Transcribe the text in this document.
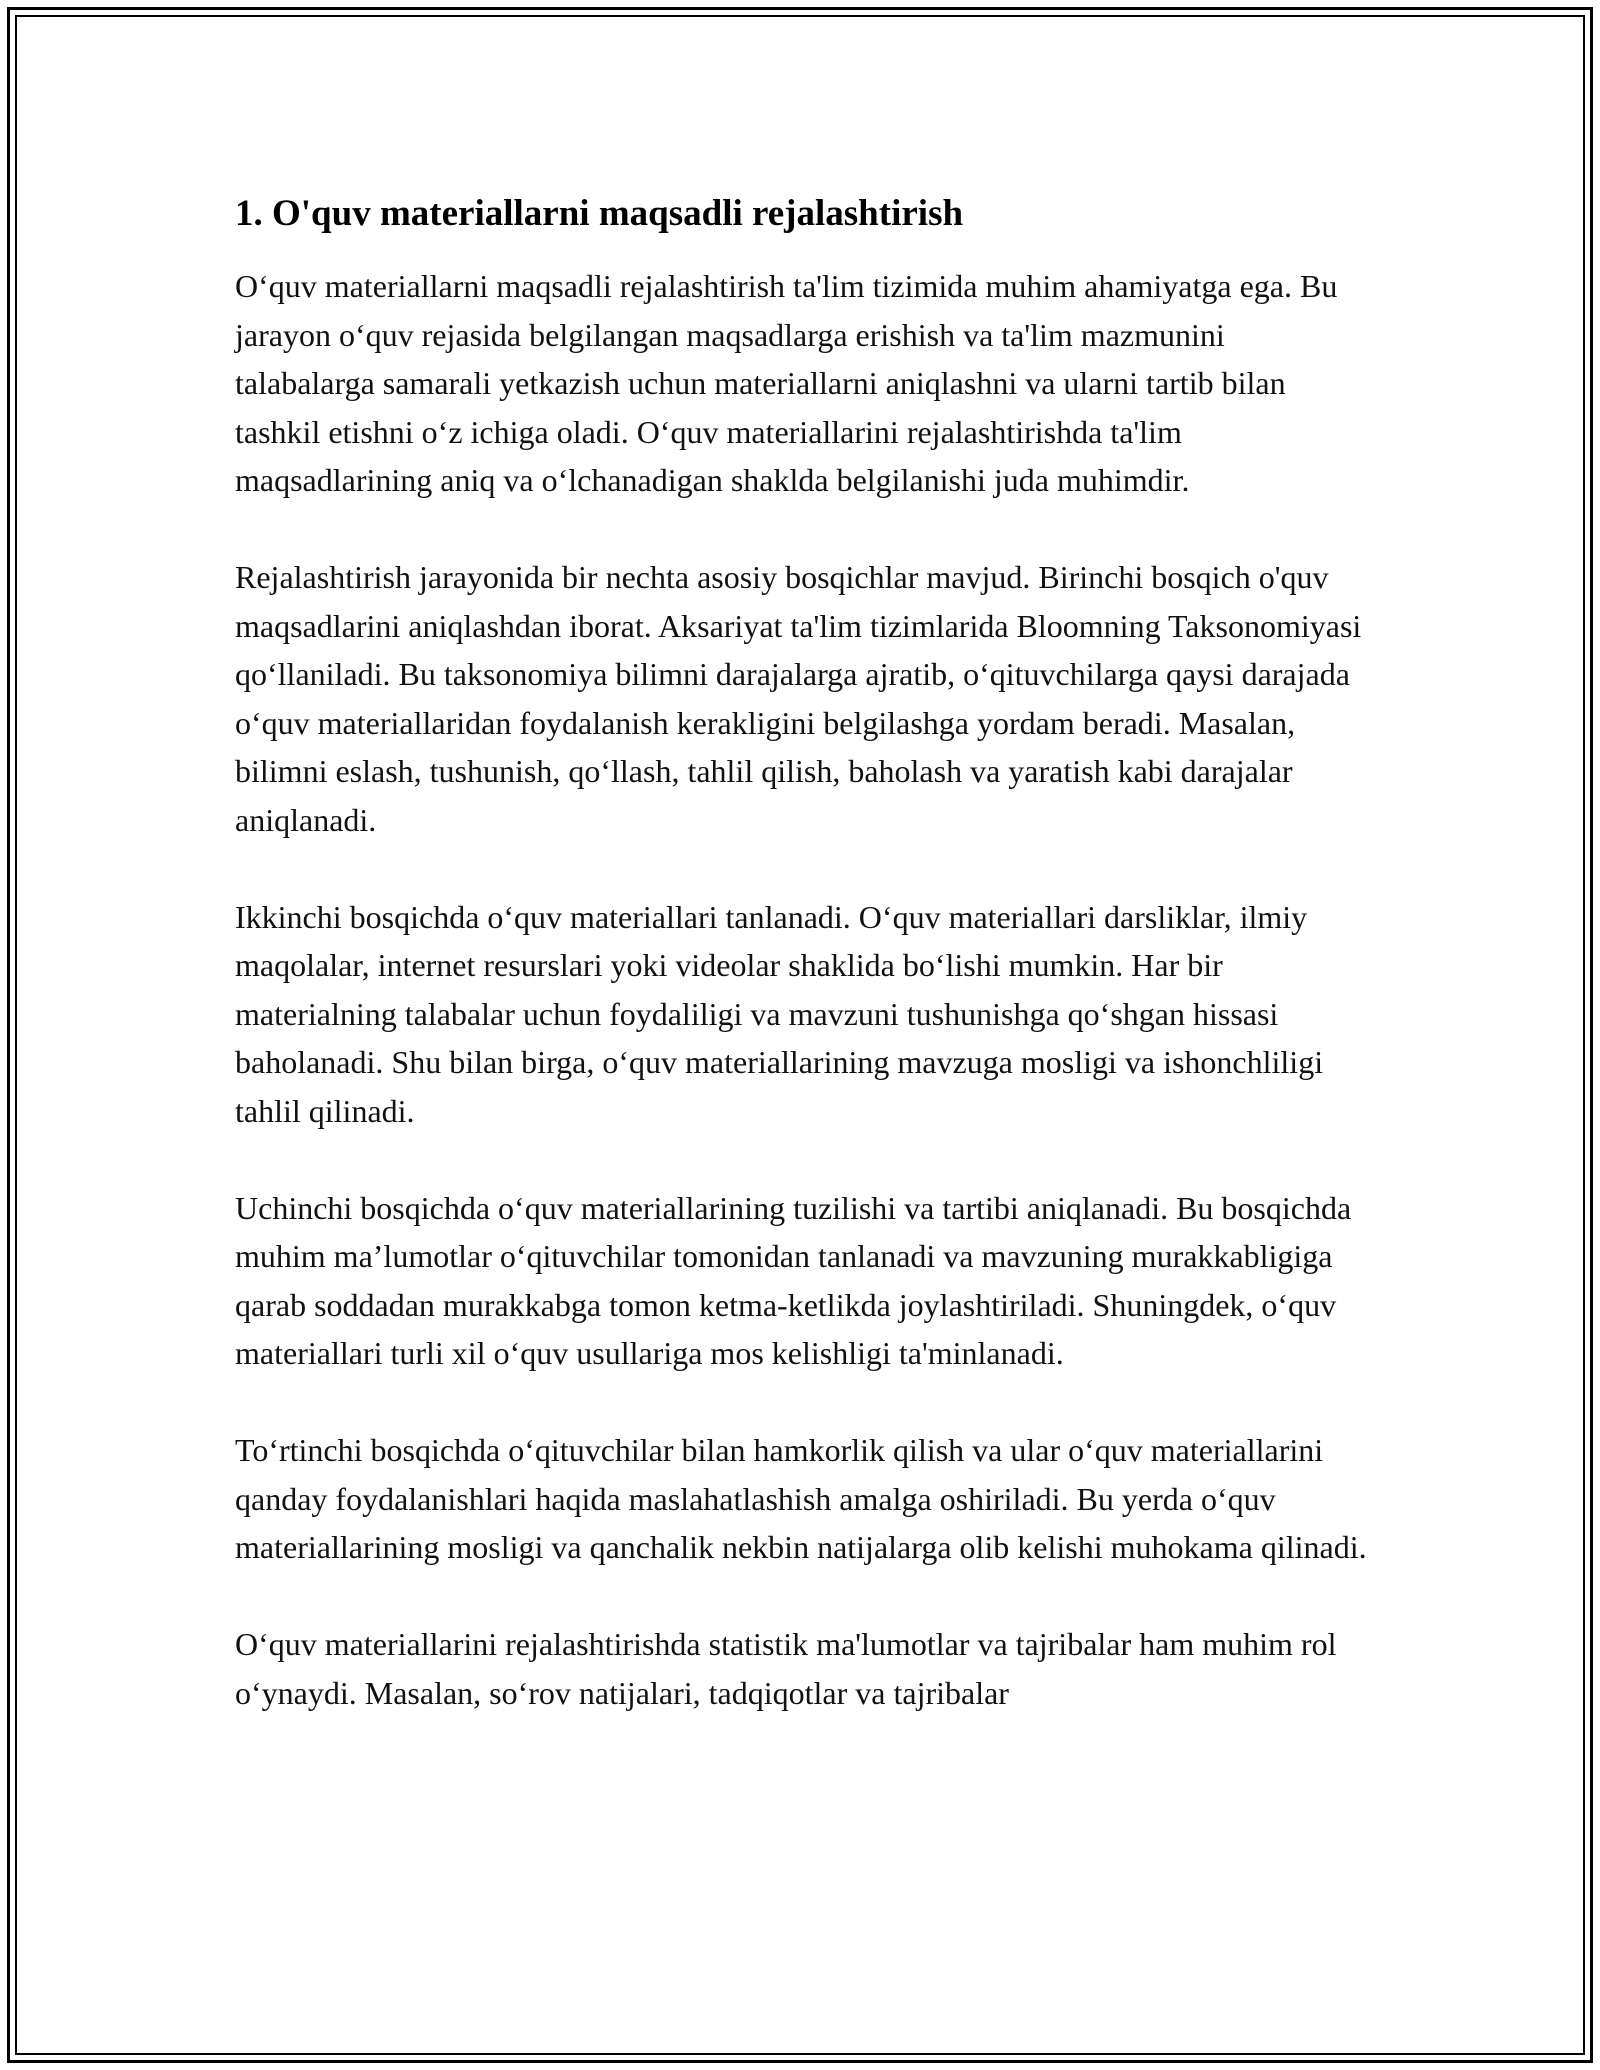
1. O'quv materiallarni maqsadli rejalashtirish

O‘quv materiallarni maqsadli rejalashtirish ta'lim tizimida muhim ahamiyatga ega. Bu jarayon o‘quv rejasida belgilangan maqsadlarga erishish va ta'lim mazmunini talabalarga samarali yetkazish uchun materiallarni aniqlashni va ularni tartib bilan tashkil etishni o‘z ichiga oladi. O‘quv materiallarini rejalashtirishda ta'lim maqsadlarining aniq va o‘lchanadigan shaklda belgilanishi juda muhimdir.

Rejalashtirish jarayonida bir nechta asosiy bosqichlar mavjud. Birinchi bosqich o'quv maqsadlarini aniqlashdan iborat. Aksariyat ta'lim tizimlarida Bloomning Taksonomiyasi qo‘llaniladi. Bu taksonomiya bilimni darajalarga ajratib, o‘qituvchilarga qaysi darajada o‘quv materiallaridan foydalanish kerakligini belgilashga yordam beradi. Masalan, bilimni eslash, tushunish, qo‘llash, tahlil qilish, baholash va yaratish kabi darajalar aniqlanadi.

Ikkinchi bosqichda o‘quv materiallari tanlanadi. O‘quv materiallari darsliklar, ilmiy maqolalar, internet resurslari yoki videolar shaklida bo‘lishi mumkin. Har bir materialning talabalar uchun foydaliligi va mavzuni tushunishga qo‘shgan hissasi baholanadi. Shu bilan birga, o‘quv materiallarining mavzuga mosligi va ishonchliligi tahlil qilinadi.

Uchinchi bosqichda o‘quv materiallarining tuzilishi va tartibi aniqlanadi. Bu bosqichda muhim ma’lumotlar o‘qituvchilar tomonidan tanlanadi va mavzuning murakkabligiga qarab soddadan murakkabga tomon ketma-ketlikda joylashtiriladi. Shuningdek, o‘quv materiallari turli xil o‘quv usullariga mos kelishligi ta'minlanadi.

To‘rtinchi bosqichda o‘qituvchilar bilan hamkorlik qilish va ular o‘quv materiallarini qanday foydalanishlari haqida maslahatlashish amalga oshiriladi. Bu yerda o‘quv materiallarining mosligi va qanchalik nekbin natijalarga olib kelishi muhokama qilinadi.

O‘quv materiallarini rejalashtirishda statistik ma'lumotlar va tajribalar ham muhim rol o‘ynaydi. Masalan, so‘rov natijalari, tadqiqotlar va tajribalar
